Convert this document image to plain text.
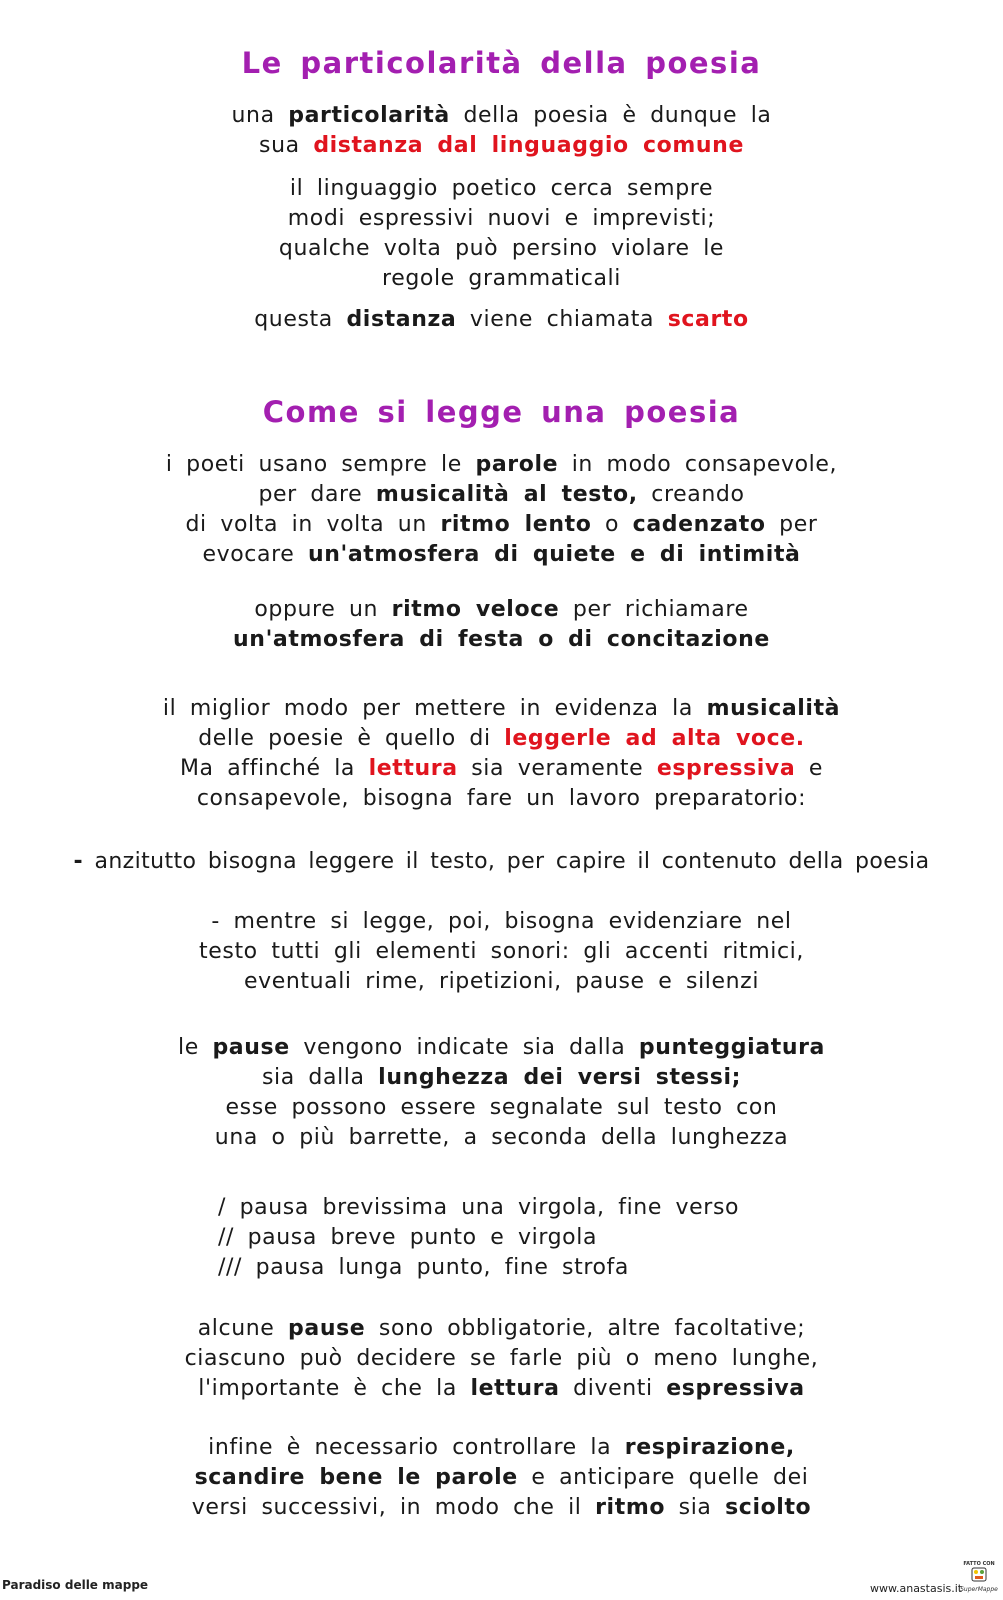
Le particolarità della poesia
una particolarità della poesia è dunque la
sua distanza dal linguaggio comune
il linguaggio poetico cerca sempre
modi espressivi nuovi e imprevisti;
qualche volta può persino violare le
regole grammaticali
questa distanza viene chiamata scarto
Come si legge una poesia
i poeti usano sempre le parole in modo consapevole,
per dare musicalità al testo, creando
di volta in volta un ritmo lento o cadenzato per
evocare un'atmosfera di quiete e di intimità
oppure un ritmo veloce per richiamare
un'atmosfera di festa o di concitazione
il miglior modo per mettere in evidenza la musicalità
delle poesie è quello di leggerle ad alta voce.
Ma affinché la lettura sia veramente espressiva e
consapevole, bisogna fare un lavoro preparatorio:
- anzitutto bisogna leggere il testo, per capire il contenuto della poesia
- mentre si legge, poi, bisogna evidenziare nel
testo tutti gli elementi sonori: gli accenti ritmici,
eventuali rime, ripetizioni, pause e silenzi
le pause vengono indicate sia dalla punteggiatura
sia dalla lunghezza dei versi stessi;
esse possono essere segnalate sul testo con
una o più barrette, a seconda della lunghezza
/ pausa brevissima una virgola, fine verso
// pausa breve punto e virgola
/// pausa lunga punto, fine strofa
alcune pause sono obbligatorie, altre facoltative;
ciascuno può decidere se farle più o meno lunghe,
l'importante è che la lettura diventi espressiva
infine è necessario controllare la respirazione,
scandire bene le parole e anticipare quelle dei
versi successivi, in modo che il ritmo sia sciolto
Paradiso delle mappe	www.anastasis.it
FATTO CON
SuperMappe
